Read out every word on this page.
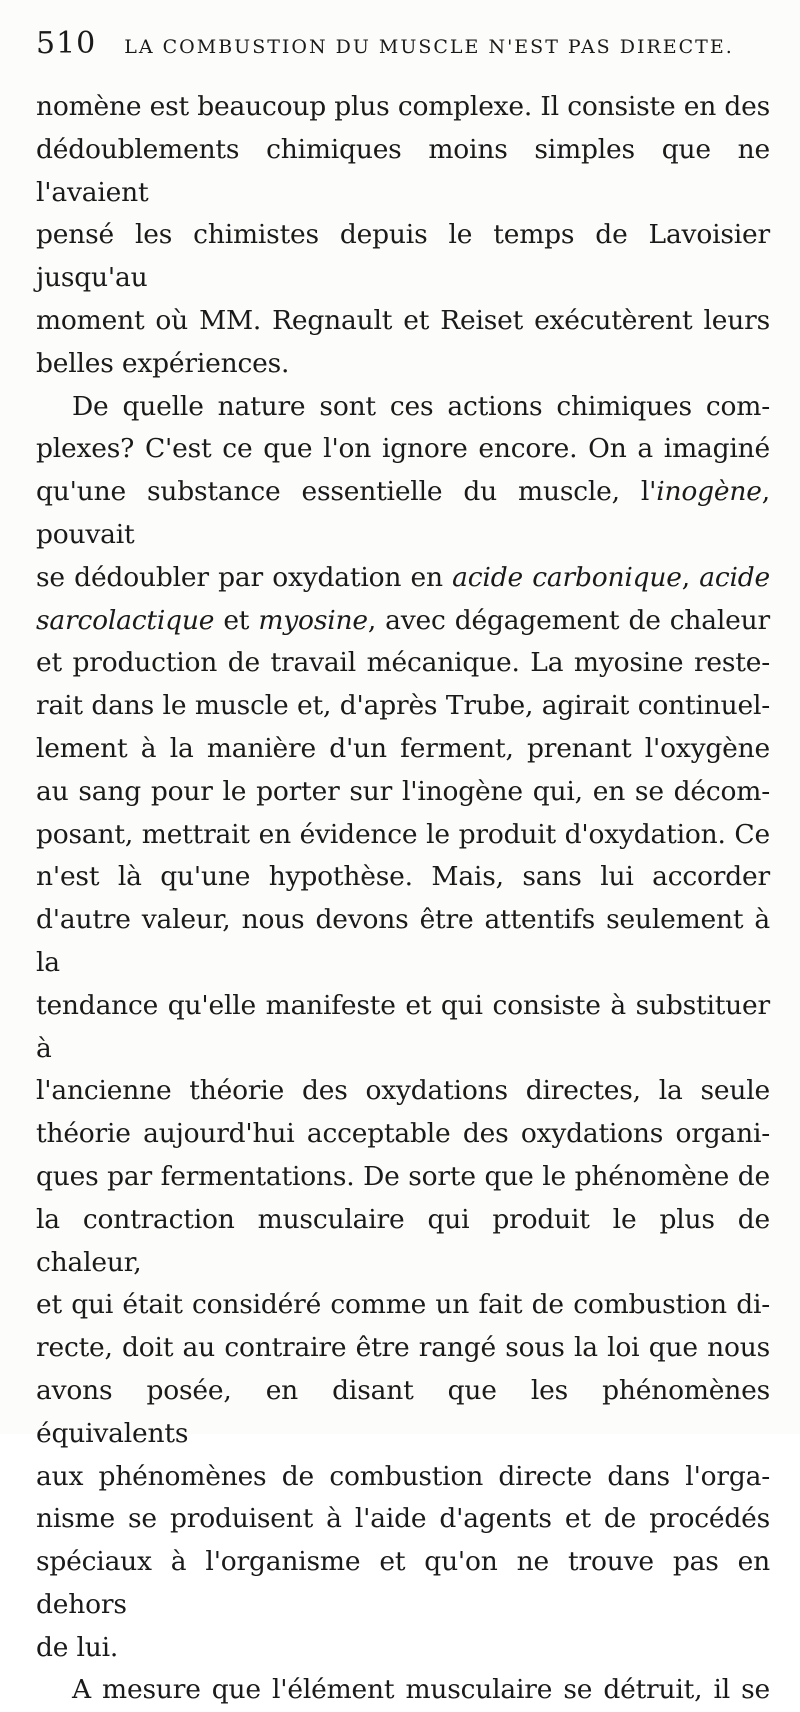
510 LA COMBUSTION DU MUSCLE N'EST PAS DIRECTE.

nomène est beaucoup plus complexe. Il consiste en des

dédoublements chimiques moins simples que ne l'avaient

pensé les chimistes depuis le temps de Lavoisier jusqu'au

moment où MM. Regnault et Reiset exécutèrent leurs

belles expériences.

De quelle nature sont ces actions chimiques com-

plexes? C'est ce que l'on ignore encore. On a imaginé

qu'une substance essentielle du muscle, l'inogène, pouvait

se dédoubler par oxydation en acide carbonique, acide

sarcolactique et myosine, avec dégagement de chaleur

et production de travail mécanique. La myosine reste-

rait dans le muscle et, d'après Trube, agirait continuel-

lement à la manière d'un ferment, prenant l'oxygène

au sang pour le porter sur l'inogène qui, en se décom-

posant, mettrait en évidence le produit d'oxydation. Ce

n'est là qu'une hypothèse. Mais, sans lui accorder

d'autre valeur, nous devons être attentifs seulement à la

tendance qu'elle manifeste et qui consiste à substituer à

l'ancienne théorie des oxydations directes, la seule

théorie aujourd'hui acceptable des oxydations organi-

ques par fermentations. De sorte que le phénomène de

la contraction musculaire qui produit le plus de chaleur,

et qui était considéré comme un fait de combustion di-

recte, doit au contraire être rangé sous la loi que nous

avons posée, en disant que les phénomènes équivalents

aux phénomènes de combustion directe dans l'orga-

nisme se produisent à l'aide d'agents et de procédés

spéciaux à l'organisme et qu'on ne trouve pas en dehors

de lui.

A mesure que l'élément musculaire se détruit, il se
